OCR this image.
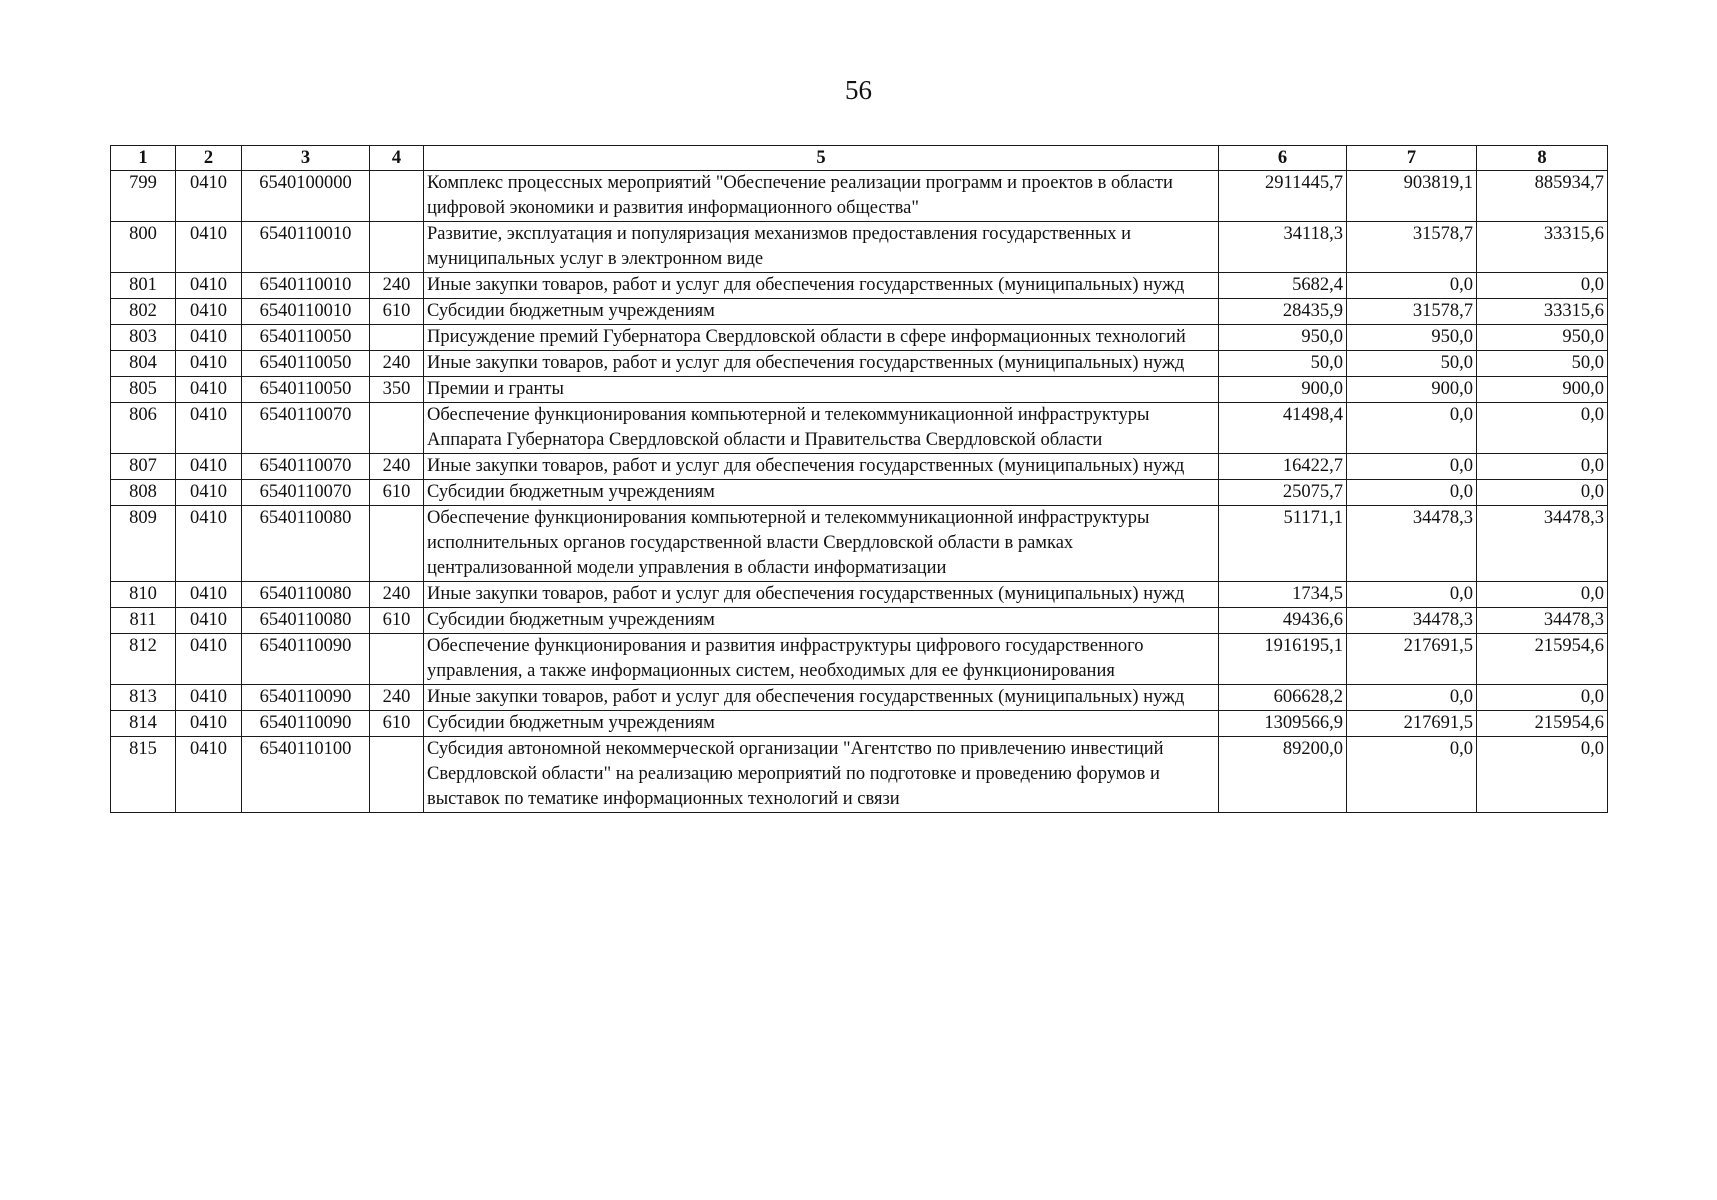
56
1	2	3	4	5	6	7	8
799	0410	6540100000		Комплекс процессных мероприятий "Обеспечение реализации программ и проектов в области цифровой экономики и развития информационного общества"	2911445,7	903819,1	885934,7
800	0410	6540110010		Развитие, эксплуатация и популяризация механизмов предоставления государственных и муниципальных услуг в электронном виде	34118,3	31578,7	33315,6
801	0410	6540110010	240	Иные закупки товаров, работ и услуг для обеспечения государственных (муниципальных) нужд	5682,4	0,0	0,0
802	0410	6540110010	610	Субсидии бюджетным учреждениям	28435,9	31578,7	33315,6
803	0410	6540110050		Присуждение премий Губернатора Свердловской области в сфере информационных технологий	950,0	950,0	950,0
804	0410	6540110050	240	Иные закупки товаров, работ и услуг для обеспечения государственных (муниципальных) нужд	50,0	50,0	50,0
805	0410	6540110050	350	Премии и гранты	900,0	900,0	900,0
806	0410	6540110070		Обеспечение функционирования компьютерной и телекоммуникационной инфраструктуры Аппарата Губернатора Свердловской области и Правительства Свердловской области	41498,4	0,0	0,0
807	0410	6540110070	240	Иные закупки товаров, работ и услуг для обеспечения государственных (муниципальных) нужд	16422,7	0,0	0,0
808	0410	6540110070	610	Субсидии бюджетным учреждениям	25075,7	0,0	0,0
809	0410	6540110080		Обеспечение функционирования компьютерной и телекоммуникационной инфраструктуры исполнительных органов государственной власти Свердловской области в рамках централизованной модели управления в области информатизации	51171,1	34478,3	34478,3
810	0410	6540110080	240	Иные закупки товаров, работ и услуг для обеспечения государственных (муниципальных) нужд	1734,5	0,0	0,0
811	0410	6540110080	610	Субсидии бюджетным учреждениям	49436,6	34478,3	34478,3
812	0410	6540110090		Обеспечение функционирования и развития инфраструктуры цифрового государственного управления, а также информационных систем, необходимых для ее функционирования	1916195,1	217691,5	215954,6
813	0410	6540110090	240	Иные закупки товаров, работ и услуг для обеспечения государственных (муниципальных) нужд	606628,2	0,0	0,0
814	0410	6540110090	610	Субсидии бюджетным учреждениям	1309566,9	217691,5	215954,6
815	0410	6540110100		Субсидия автономной некоммерческой организации "Агентство по привлечению инвестиций Свердловской области" на реализацию мероприятий по подготовке и проведению форумов и выставок по тематике информационных технологий и связи	89200,0	0,0	0,0
